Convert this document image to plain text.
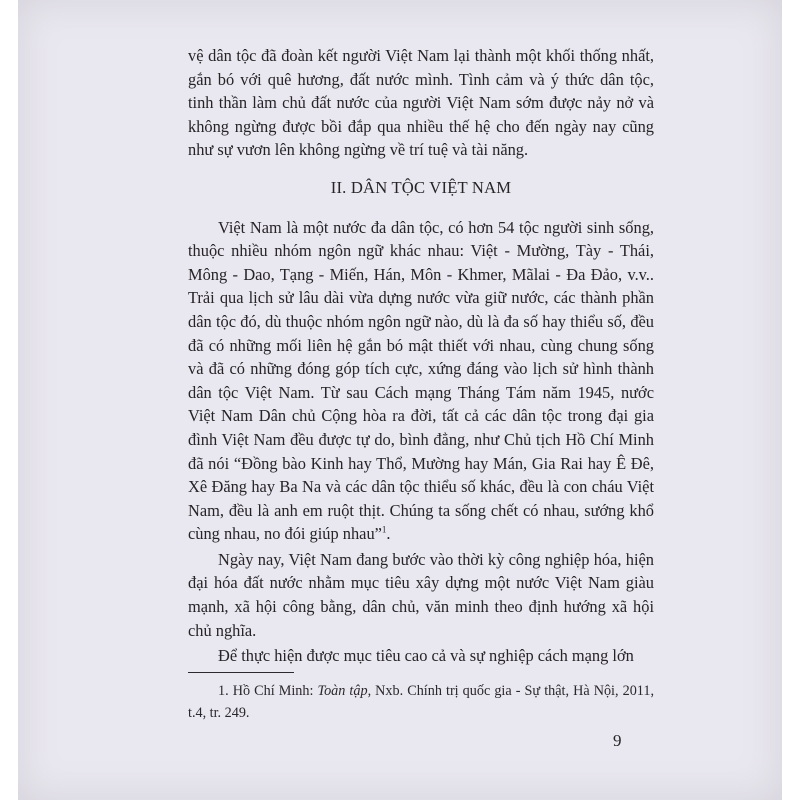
vệ dân tộc đã đoàn kết người Việt Nam lại thành một khối thống nhất, gắn bó với quê hương, đất nước mình. Tình cảm và ý thức dân tộc, tinh thần làm chủ đất nước của người Việt Nam sớm được nảy nở và không ngừng được bồi đắp qua nhiều thế hệ cho đến ngày nay cũng như sự vươn lên không ngừng về trí tuệ và tài năng.

II. DÂN TỘC VIỆT NAM

Việt Nam là một nước đa dân tộc, có hơn 54 tộc người sinh sống, thuộc nhiều nhóm ngôn ngữ khác nhau: Việt - Mường, Tày - Thái, Mông - Dao, Tạng - Miến, Hán, Môn - Khmer, Mãlai - Đa Đảo, v.v.. Trải qua lịch sử lâu dài vừa dựng nước vừa giữ nước, các thành phần dân tộc đó, dù thuộc nhóm ngôn ngữ nào, dù là đa số hay thiểu số, đều đã có những mối liên hệ gắn bó mật thiết với nhau, cùng chung sống và đã có những đóng góp tích cực, xứng đáng vào lịch sử hình thành dân tộc Việt Nam. Từ sau Cách mạng Tháng Tám năm 1945, nước Việt Nam Dân chủ Cộng hòa ra đời, tất cả các dân tộc trong đại gia đình Việt Nam đều được tự do, bình đẳng, như Chủ tịch Hồ Chí Minh đã nói “Đồng bào Kinh hay Thổ, Mường hay Mán, Gia Rai hay Ê Đê, Xê Đăng hay Ba Na và các dân tộc thiểu số khác, đều là con cháu Việt Nam, đều là anh em ruột thịt. Chúng ta sống chết có nhau, sướng khổ cùng nhau, no đói giúp nhau”$^1$.

Ngày nay, Việt Nam đang bước vào thời kỳ công nghiệp hóa, hiện đại hóa đất nước nhằm mục tiêu xây dựng một nước Việt Nam giàu mạnh, xã hội công bằng, dân chủ, văn minh theo định hướng xã hội chủ nghĩa.

Để thực hiện được mục tiêu cao cả và sự nghiệp cách mạng lớn

1. Hồ Chí Minh: Toàn tập, Nxb. Chính trị quốc gia - Sự thật, Hà Nội, 2011, t.4, tr. 249.
9
